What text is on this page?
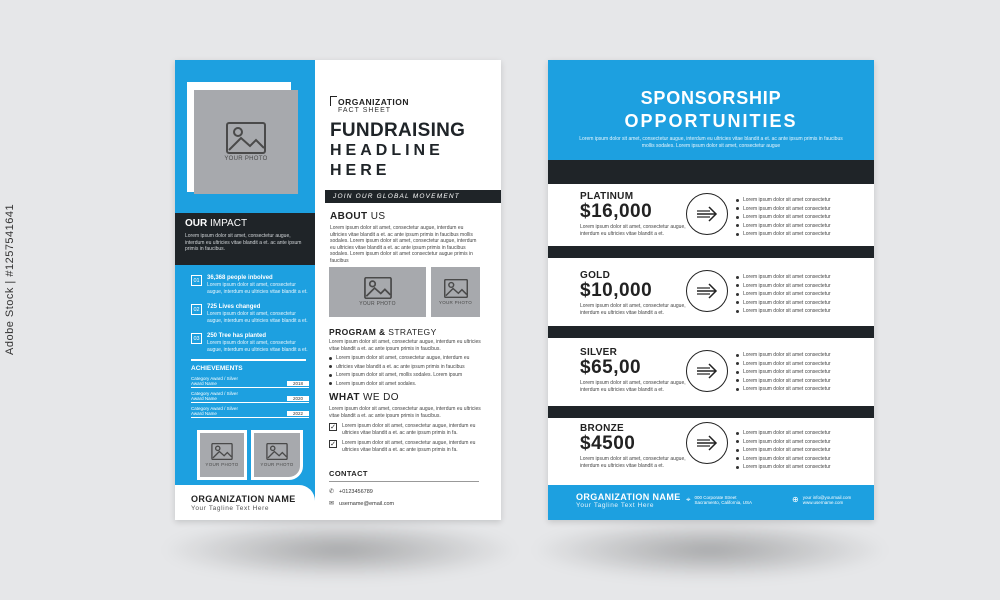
Adobe Stock | #1257541641
YOUR PHOTO
OUR IMPACT
Lorem ipsum dolor sit amet, consectetur augue, interdum eu ultricies vitae blandit a et. ac ante ipsum primis in faucibus.
01	36,368 people inbolved
Lorem ipsum dolor sit amet, consectetur augue, interdum eu ultricies vitae blandit a et.
02	725 Lives changed
Lorem ipsum dolor sit amet, consectetur augue, interdum eu ultricies vitae blandit a et.
03	250 Tree has planted
Lorem ipsum dolor sit amet, consectetur augue, interdum eu ultricies vitae blandit a et.
ACHIEVEMENTS
Category Award / Silver
Award Name	2018
Category Award / Silver
Award Name	2020
Category Award / Silver
Award Name	2022
YOUR PHOTO	YOUR PHOTO
ORGANIZATION NAME
Your Tagline Text Here
ORGANIZATION
FACT SHEET
FUNDRAISING
HEADLINE
HERE
JOIN OUR GLOBAL MOVEMENT
ABOUT US
Lorem ipsum dolor sit amet, consectetur augue, interdum eu ultricies vitae blandit a et. ac ante ipsum primis in faucibus mollis sodales. Lorem ipsum dolor sit amet, consectetur augue, interdum eu ultricies vitae blandit a et. ac ante ipsum primis in faucibus sodales. Lorem ipsum dolor sit amet consectetur augue primis in faucibus
YOUR PHOTO	YOUR PHOTO
PROGRAM & STRATEGY
Lorem ipsum dolor sit amet, consectetur augue, interdum eu ultricies vitae blandit a et. ac ante ipsum primis in faucibus.
Lorem ipsum dolor sit amet, consectetur augue, interdum eu
ultricies vitae blandit a et. ac ante ipsum primis in faucibus
Lorem ipsum dolor sit amet, mollis sodales. Lorem ipsum
Lorem ipsum dolor sit amet sodales.
WHAT WE DO
Lorem ipsum dolor sit amet, consectetur augue, interdum eu ultricies vitae blandit a et. ac ante ipsum primis in faucibus.
✓ Lorem ipsum dolor sit amet, consectetur augue, interdum eu ultricies vitae blandit a et. ac ante ipsum primis in fa.
✓ Lorem ipsum dolor sit amet, consectetur augue, interdum eu ultricies vitae blandit a et. ac ante ipsum primis in fa.
CONTACT
✆ +0123456789
✉ username@email.com
SPONSORSHIP
OPPORTUNITIES
Lorem ipsum dolor sit amet, consectetur augue, interdum eu ultricies vitae blandit a et. ac ante ipsum primis in faucibus mollis sodales. Lorem ipsum dolor sit amet, consectetur augue
PLATINUM
$16,000
Lorem ipsum dolor sit amet, consectetur augue, interdum eu ultricies vitae blandit a et.
Lorem ipsum dolor sit amet consectetur
Lorem ipsum dolor sit amet consectetur
Lorem ipsum dolor sit amet consectetur
Lorem ipsum dolor sit amet consectetur
Lorem ipsum dolor sit amet consectetur
GOLD
$10,000
Lorem ipsum dolor sit amet, consectetur augue, interdum eu ultricies vitae blandit a et.
Lorem ipsum dolor sit amet consectetur
Lorem ipsum dolor sit amet consectetur
Lorem ipsum dolor sit amet consectetur
Lorem ipsum dolor sit amet consectetur
Lorem ipsum dolor sit amet consectetur
SILVER
$65,00
Lorem ipsum dolor sit amet, consectetur augue, interdum eu ultricies vitae blandit a et.
Lorem ipsum dolor sit amet consectetur
Lorem ipsum dolor sit amet consectetur
Lorem ipsum dolor sit amet consectetur
Lorem ipsum dolor sit amet consectetur
Lorem ipsum dolor sit amet consectetur
BRONZE
$4500
Lorem ipsum dolor sit amet, consectetur augue, interdum eu ultricies vitae blandit a et.
Lorem ipsum dolor sit amet consectetur
Lorem ipsum dolor sit amet consectetur
Lorem ipsum dolor sit amet consectetur
Lorem ipsum dolor sit amet consectetur
Lorem ipsum dolor sit amet consectetur
ORGANIZATION NAME
Your Tagline Text Here
⌖ 000 Corporate Street
Sacramento, California, USA	⊕ your info@yourmail.com
www.username.com
